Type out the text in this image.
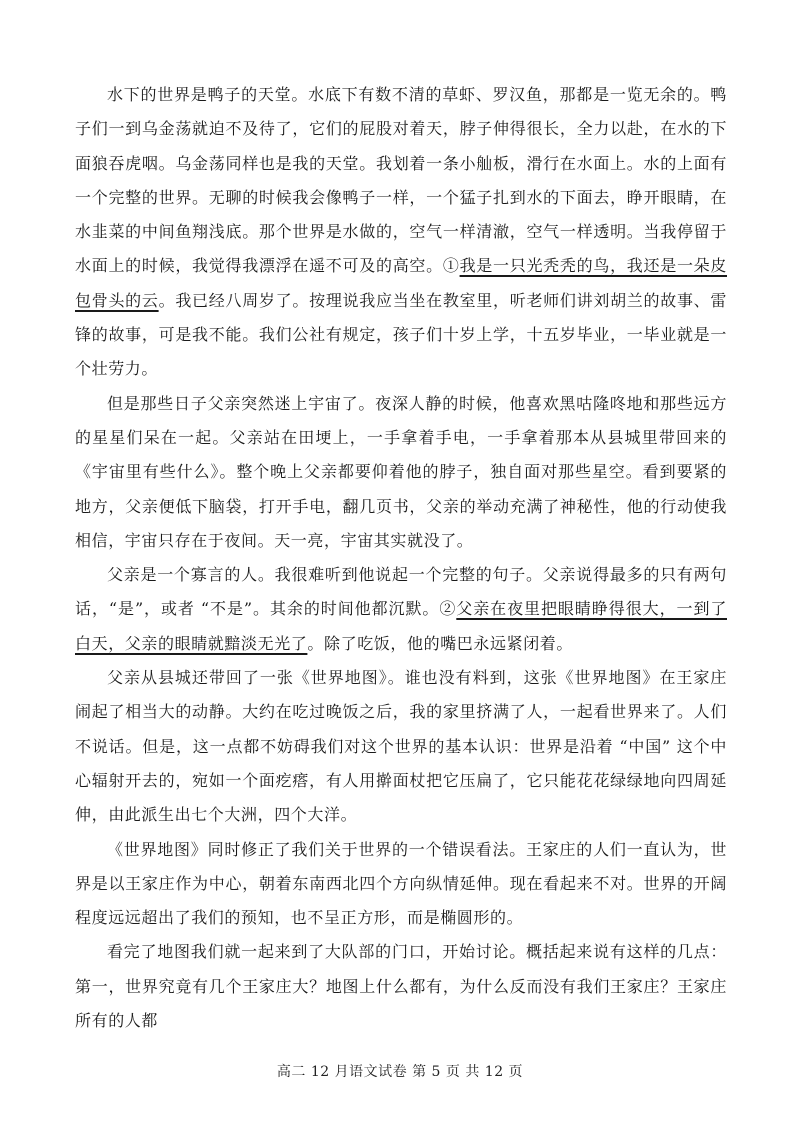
水下的世界是鸭子的天堂。水底下有数不清的草虾、罗汉鱼，那都是一览无余的。鸭子们一到乌金荡就迫不及待了，它们的屁股对着天，脖子伸得很长，全力以赴，在水的下面狼吞虎咽。乌金荡同样也是我的天堂。我划着一条小舢板，滑行在水面上。水的上面有一个完整的世界。无聊的时候我会像鸭子一样，一个猛子扎到水的下面去，睁开眼睛，在水韭菜的中间鱼翔浅底。那个世界是水做的，空气一样清澈，空气一样透明。当我停留于水面上的时候，我觉得我漂浮在遥不可及的高空。①我是一只光秃秃的鸟，我还是一朵皮包骨头的云。我已经八周岁了。按理说我应当坐在教室里，听老师们讲刘胡兰的故事、雷锋的故事，可是我不能。我们公社有规定，孩子们十岁上学，十五岁毕业，一毕业就是一个壮劳力。

但是那些日子父亲突然迷上宇宙了。夜深人静的时候，他喜欢黑咕隆咚地和那些远方的星星们呆在一起。父亲站在田埂上，一手拿着手电，一手拿着那本从县城里带回来的《宇宙里有些什么》。整个晚上父亲都要仰着他的脖子，独自面对那些星空。看到要紧的地方，父亲便低下脑袋，打开手电，翻几页书，父亲的举动充满了神秘性，他的行动使我相信，宇宙只存在于夜间。天一亮，宇宙其实就没了。

父亲是一个寡言的人。我很难听到他说起一个完整的句子。父亲说得最多的只有两句话，“是”，或者 “不是”。其余的时间他都沉默。②父亲在夜里把眼睛睁得很大，一到了白天，父亲的眼睛就黯淡无光了。除了吃饭，他的嘴巴永远紧闭着。

父亲从县城还带回了一张《世界地图》。谁也没有料到，这张《世界地图》在王家庄闹起了相当大的动静。大约在吃过晚饭之后，我的家里挤满了人，一起看世界来了。人们不说话。但是，这一点都不妨碍我们对这个世界的基本认识：世界是沿着 “中国” 这个中心辐射开去的，宛如一个面疙瘩，有人用擀面杖把它压扁了，它只能花花绿绿地向四周延伸，由此派生出七个大洲，四个大洋。

《世界地图》同时修正了我们关于世界的一个错误看法。王家庄的人们一直认为，世界是以王家庄作为中心，朝着东南西北四个方向纵情延伸。现在看起来不对。世界的开阔程度远远超出了我们的预知，也不呈正方形，而是椭圆形的。

看完了地图我们就一起来到了大队部的门口，开始讨论。概括起来说有这样的几点：第一，世界究竟有几个王家庄大？地图上什么都有，为什么反而没有我们王家庄？王家庄所有的人都

高二 12 月语文试卷 第 5 页 共 12 页
